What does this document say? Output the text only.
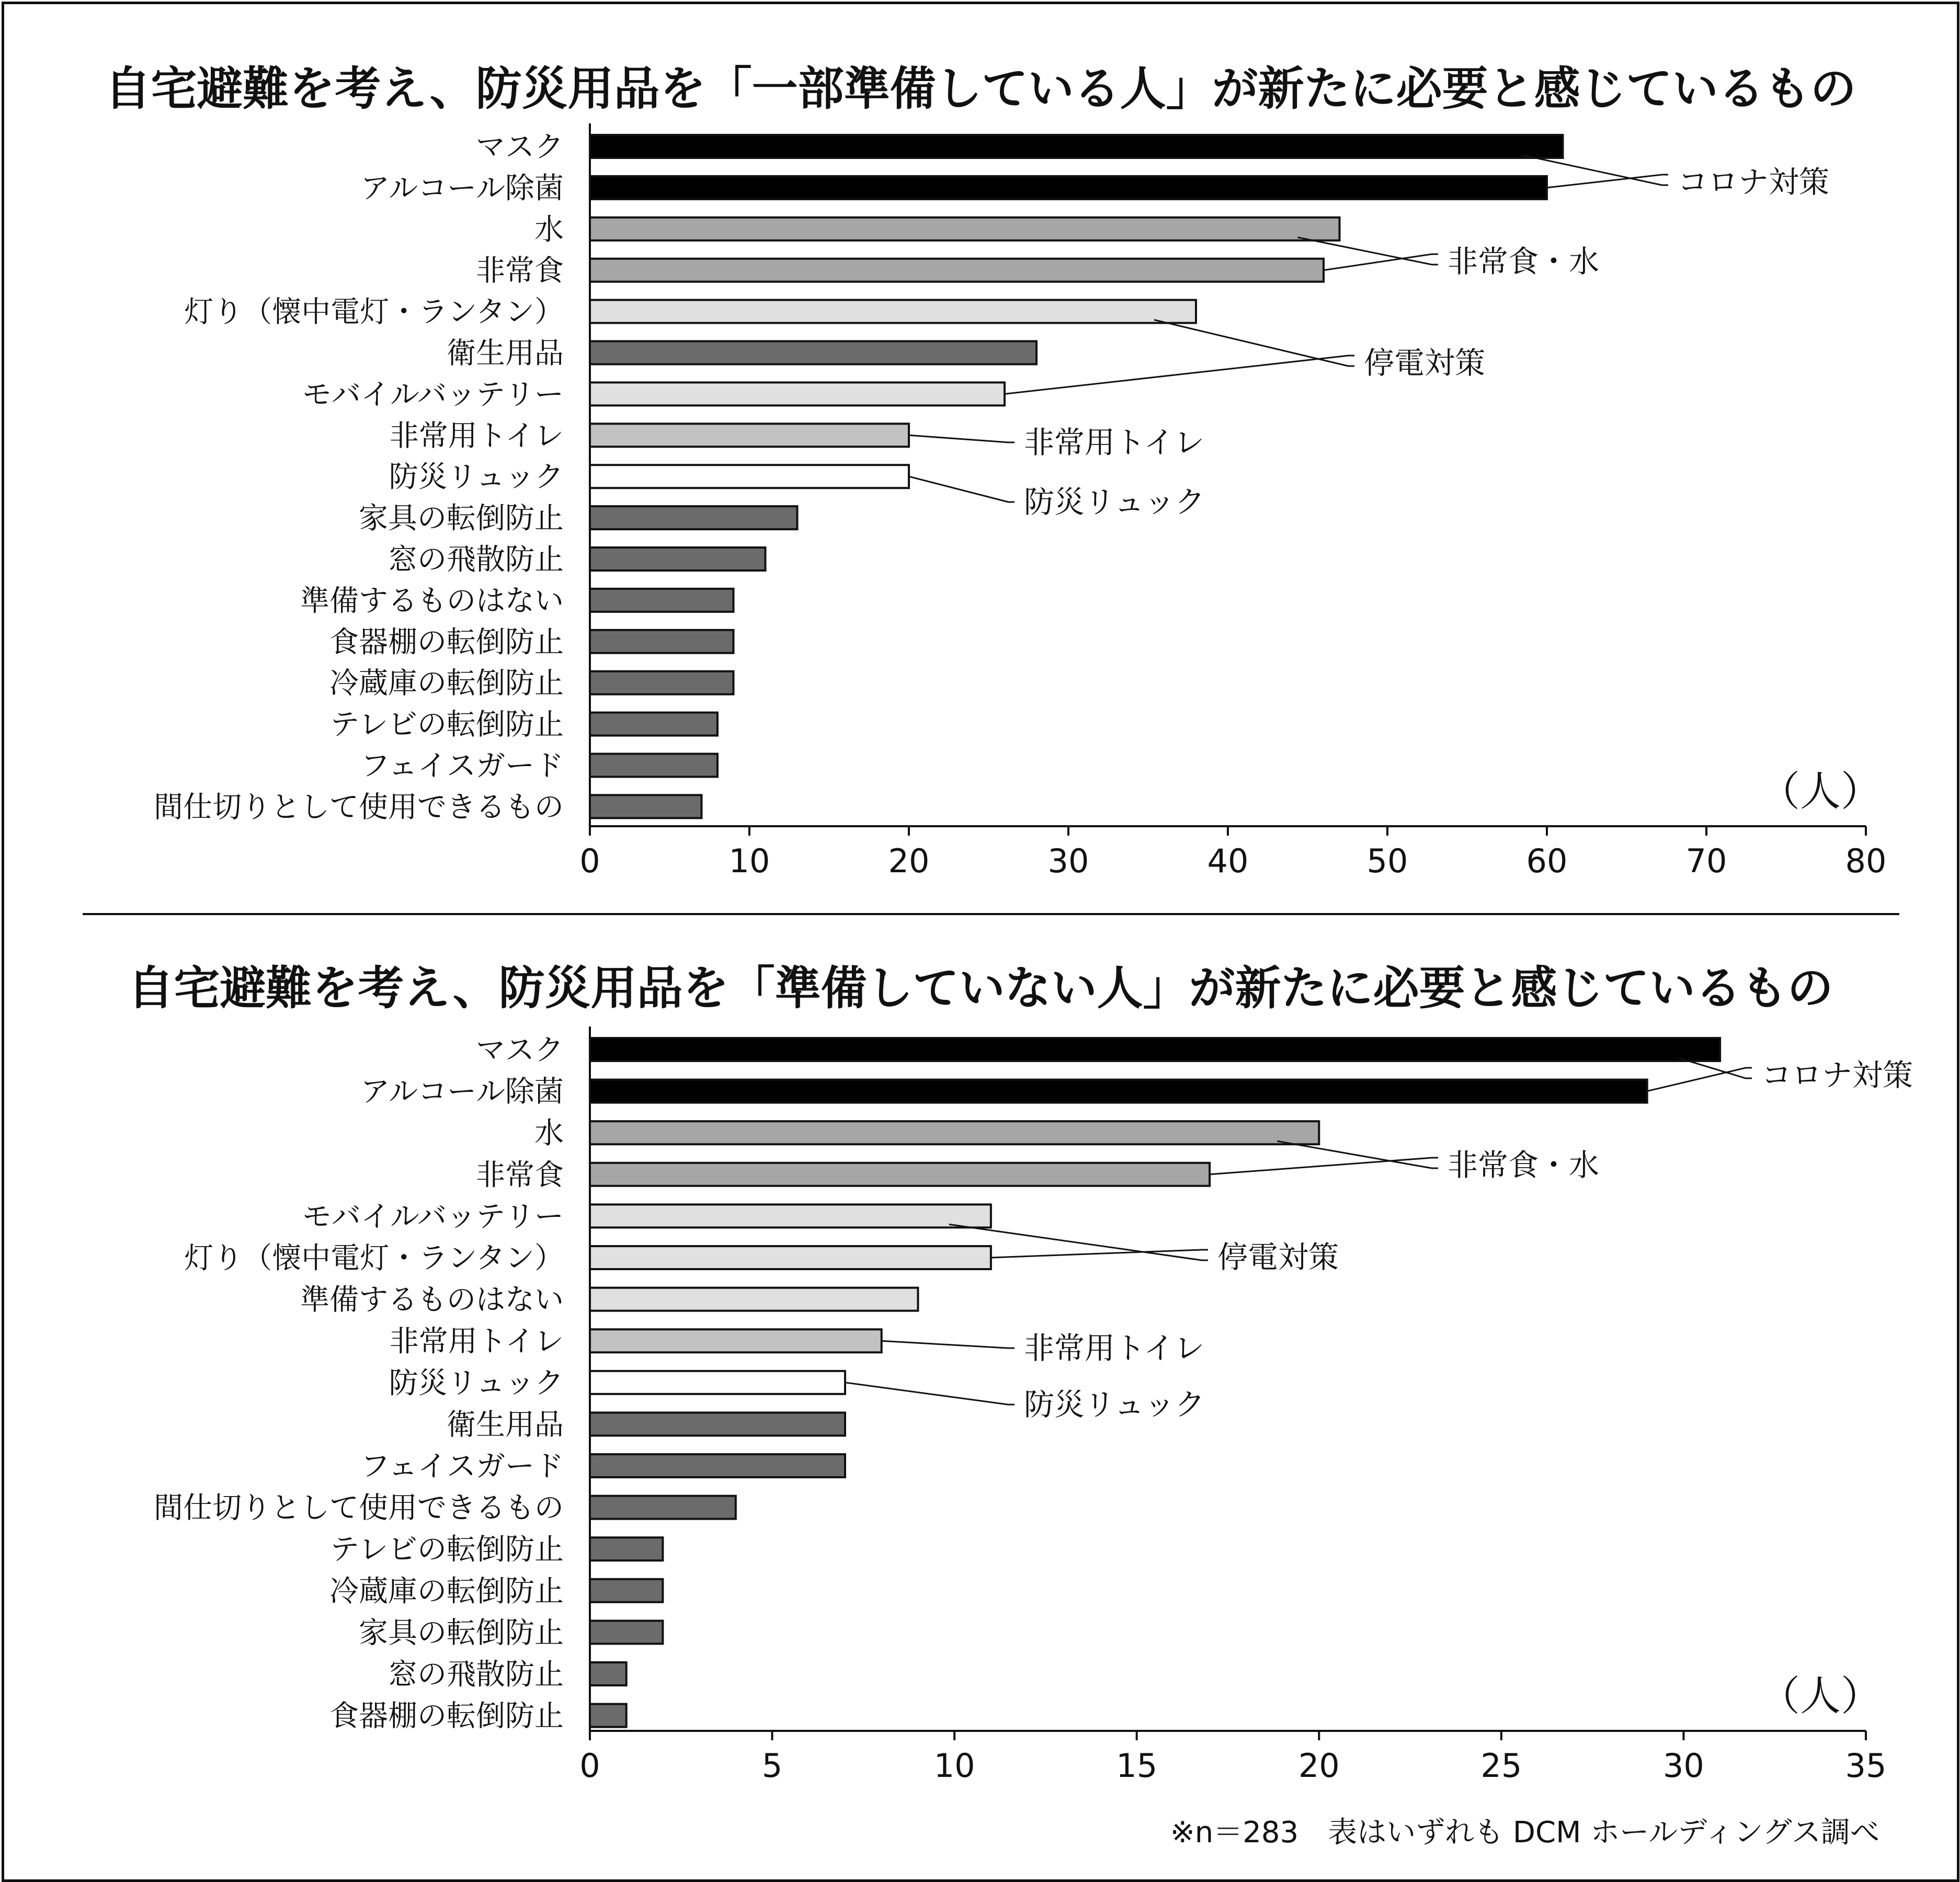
自宅避難を考え、防災用品を「一部準備している人」が新たに必要と感じているもの
マスク
アルコール除菌
水
非常食
灯り（懐中電灯・ランタン）
衛生用品
モバイルバッテリー
非常用トイレ
防災リュック
家具の転倒防止
窓の飛散防止
準備するものはない
食器棚の転倒防止
冷蔵庫の転倒防止
テレビの転倒防止
フェイスガード
間仕切りとして使用できるもの
0	10	20	30	40	50	60	70	80
（人）
コロナ対策
非常食・水
停電対策
非常用トイレ
防災リュック
自宅避難を考え、防災用品を「準備していない人」が新たに必要と感じているもの
マスク
アルコール除菌
水
非常食
モバイルバッテリー
灯り（懐中電灯・ランタン）
準備するものはない
非常用トイレ
防災リュック
衛生用品
フェイスガード
間仕切りとして使用できるもの
テレビの転倒防止
冷蔵庫の転倒防止
家具の転倒防止
窓の飛散防止
食器棚の転倒防止
0	5	10	15	20	25	30	35
（人）
コロナ対策
非常食・水
停電対策
非常用トイレ
防災リュック
※n＝283　表はいずれも DCM ホールディングス調べ
